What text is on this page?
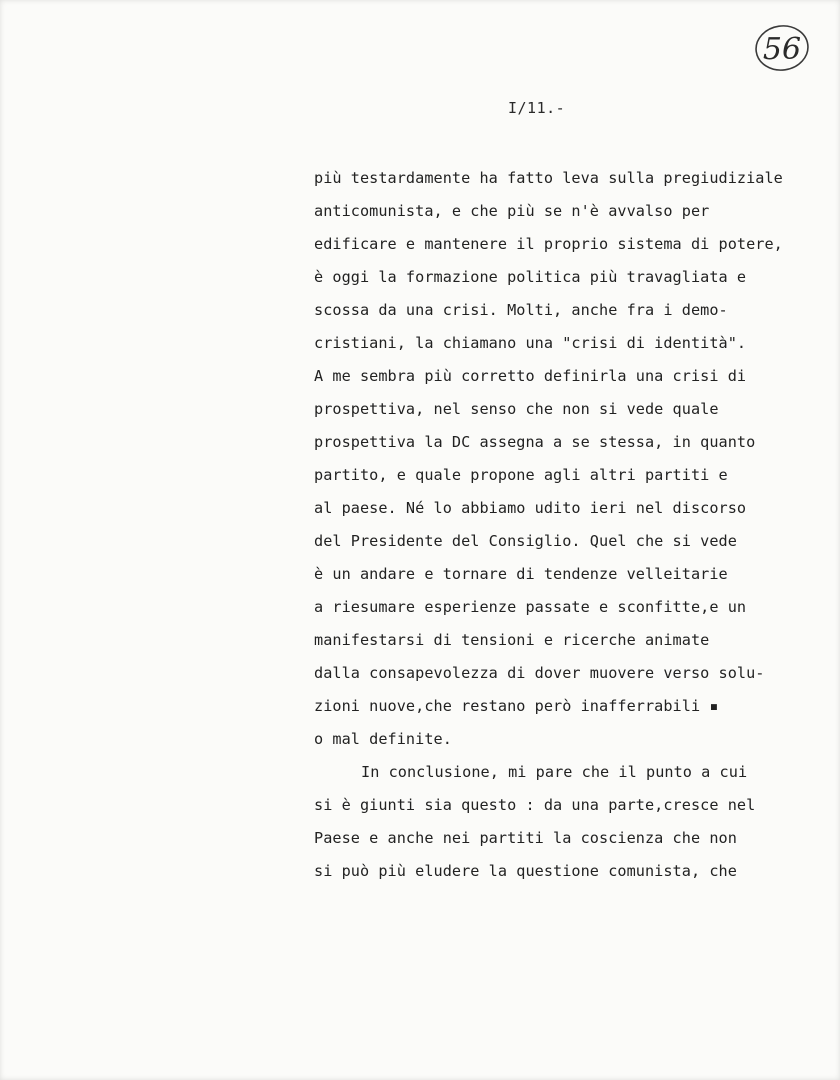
56
I/11.-
più testardamente ha fatto leva sulla pregiudiziale
anticomunista, e che più se n'è avvalso per
edificare e mantenere il proprio sistema di potere,
è oggi la formazione politica più travagliata e
scossa da una crisi. Molti, anche fra i demo-
cristiani, la chiamano una "crisi di identità".
A me sembra più corretto definirla una crisi di
prospettiva, nel senso che non si vede quale
prospettiva la DC assegna a se stessa, in quanto
partito, e quale propone agli altri partiti e
al paese. Né lo abbiamo udito ieri nel discorso
del Presidente del Consiglio. Quel che si vede
è un andare e tornare di tendenze velleitarie
a riesumare esperienze passate e sconfitte,e un
manifestarsi di tensioni e ricerche animate
dalla consapevolezza di dover muovere verso solu-
zioni nuove,che restano però inafferrabili ▪
o mal definite.
In conclusione, mi pare che il punto a cui
si è giunti sia questo : da una parte,cresce nel
Paese e anche nei partiti la coscienza che non
si può più eludere la questione comunista, che
